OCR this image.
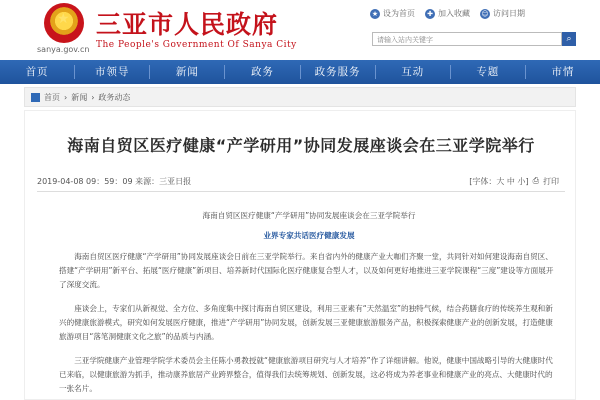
★
sanya.gov.cn
三亚市人民政府
The People's Government Of Sanya City
★ 设为首页 ✚ 加入收藏 ☺ 访问日期
请输入站内关键字	⌕
首页	市领导	新闻	政务	政务服务	互动	专题	市情
首页 › 新闻 › 政务动态
海南自贸区医疗健康“产学研用”协同发展座谈会在三亚学院举行
2019-04-08 09：59：09 来源：三亚日报	[字体：大 中 小] ⎙ 打印

海南自贸区医疗健康“产学研用”协同发展座谈会在三亚学院举行

业界专家共话医疗健康发展

海南自贸区医疗健康“产学研用”协同发展座谈会日前在三亚学院举行。来自省内外的健康产业大咖们齐聚一堂，共同针对如何建设海南自贸区、搭建“产学研用”新平台、拓展“医疗健康”新项目、培养新时代国际化医疗健康复合型人才，以及如何更好地推进三亚学院课程“三度”建设等方面展开了深度交流。

座谈会上，专家们从新视觉、全方位、多角度集中探讨海南自贸区建设，利用三亚素有“天然温室”的独特气候，结合药膳食疗的传统养生观和新兴的健康旅游模式，研究如何发展医疗健康，推进“产学研用”协同发展，创新发展三亚健康旅游服务产品，积极探索健康产业的创新发展，打造健康旅游项目“落笔洞健康文化之旅”的品质与内涵。

三亚学院健康产业管理学院学术委员会主任陈小勇教授就“健康旅游项目研究与人才培养”作了详细讲解。他说，健康中国战略引导的大健康时代已来临，以健康旅游为抓手，推动康养旅居产业跨界整合，值得我们去统筹规划、创新发展，这必将成为养老事业和健康产业的亮点、大健康时代的一张名片。
